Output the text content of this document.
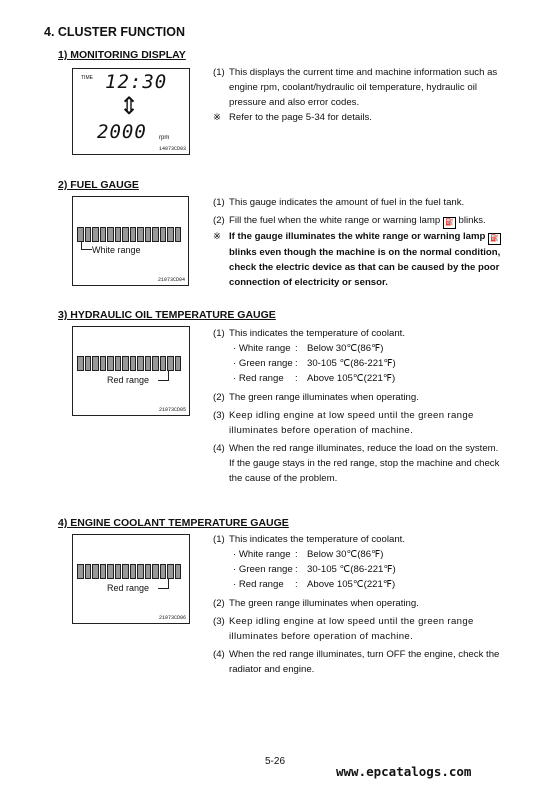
4. CLUSTER FUNCTION
1) MONITORING DISPLAY
TIME 12:30
⇕
2000 rpm
14073CD03
(1) This displays the current time and machine information such as engine rpm, coolant/hydraulic oil temperature, hydraulic oil pressure and also error codes.
※ Refer to the page 5-34 for details.
2) FUEL GAUGE
White range
21073CD04
(1) This gauge indicates the amount of fuel in the fuel tank.
(2) Fill the fuel when the white range or warning lamp ⛽ blinks.
※ If the gauge illuminates the white range or warning lamp ⛽ blinks even though the machine is on the normal condition, check the electric device as that can be caused by the poor connection of electricity or sensor.
3) HYDRAULIC OIL TEMPERATURE GAUGE
Red range
21073CD05
(1) This indicates the temperature of coolant.
· White range : Below 30℃(86℉)
· Green range : 30-105 ℃(86-221℉)
· Red range	: Above 105℃(221℉)
(2) The green range illuminates when operating.
(3) Keep idling engine at low speed until the green range illuminates before operation of machine.
(4) When the red range illuminates, reduce the load on the system. If the gauge stays in the red range, stop the machine and check the cause of the problem.
4) ENGINE COOLANT TEMPERATURE GAUGE
Red range
21073CD06
(1) This indicates the temperature of coolant.
· White range : Below 30℃(86℉)
· Green range : 30-105 ℃(86-221℉)
· Red range	: Above 105℃(221℉)
(2) The green range illuminates when operating.
(3) Keep idling engine at low speed until the green range illuminates before operation of machine.
(4) When the red range illuminates, turn OFF the engine, check the radiator and engine.
5-26
www.epcatalogs.com
